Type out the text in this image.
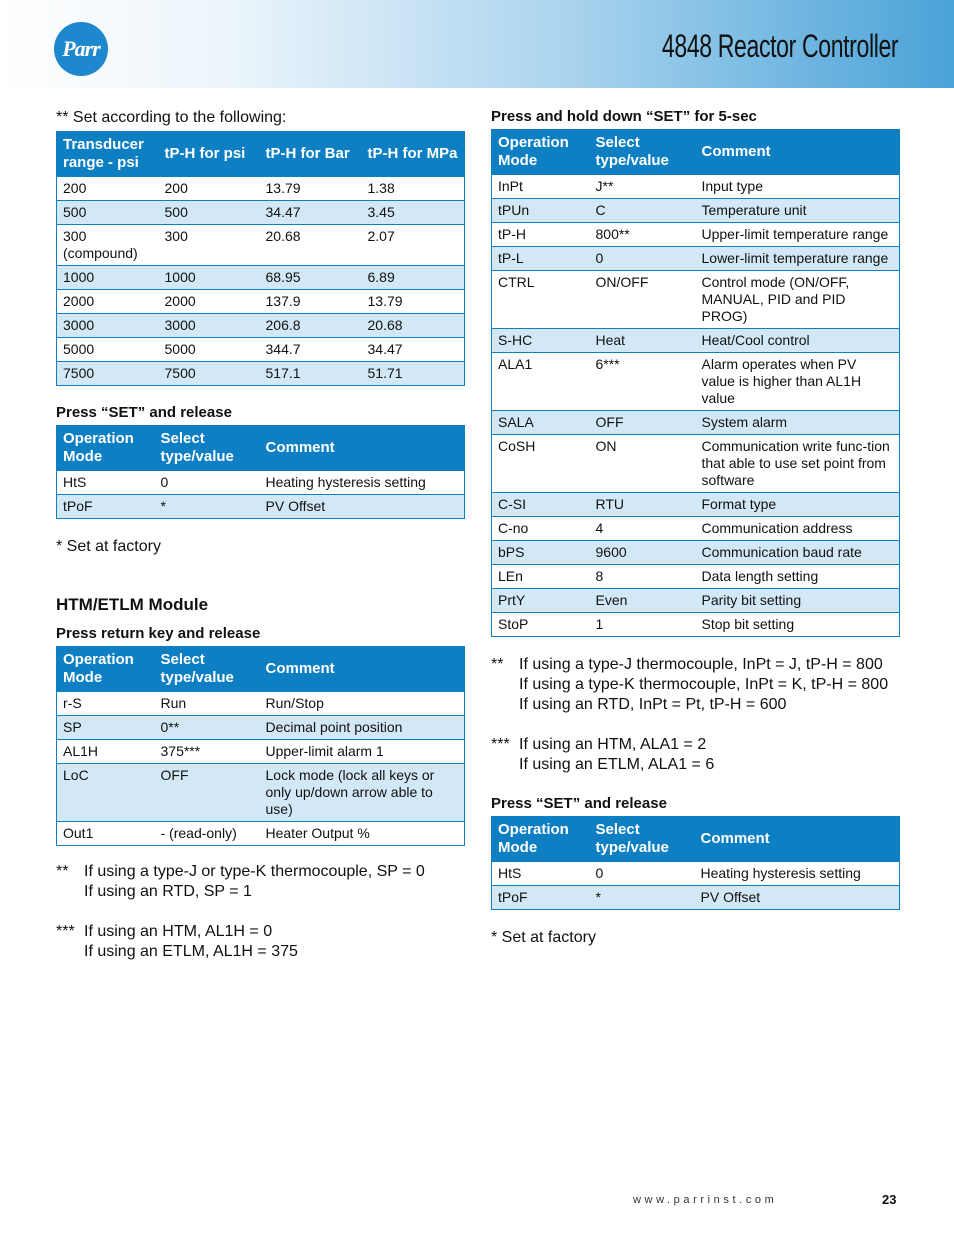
Parr	4848 Reactor Controller

** Set according to the following:

Transducer range - psi	tP-H for psi	tP-H for Bar	tP-H for MPa
200	200	13.79	1.38
500	500	34.47	3.45
300 (compound)	300	20.68	2.07
1000	1000	68.95	6.89
2000	2000	137.9	13.79
3000	3000	206.8	20.68
5000	5000	344.7	34.47
7500	7500	517.1	51.71

Press “SET” and release

Operation Mode	Select type/value	Comment
HtS	0	Heating hysteresis setting
tPoF	*	PV Offset

* Set at factory

HTM/ETLM Module

Press return key and release

Operation Mode	Select type/value	Comment
r-S	Run	Run/Stop
SP	0**	Decimal point position
AL1H	375***	Upper-limit alarm 1
LoC	OFF	Lock mode (lock all keys or only up/down arrow able to use)
Out1	- (read-only)	Heater Output %
** If using a type-J or type-K thermocouple, SP = 0
If using an RTD, SP = 1
*** If using an HTM, AL1H = 0
If using an ETLM, AL1H = 375

Press and hold down “SET” for 5-sec

Operation Mode	Select type/value	Comment
InPt	J**	Input type
tPUn	C	Temperature unit
tP-H	800**	Upper-limit temperature range
tP-L	0	Lower-limit temperature range
CTRL	ON/OFF	Control mode (ON/OFF, MANUAL, PID and PID PROG)
S-HC	Heat	Heat/Cool control
ALA1	6***	Alarm operates when PV value is higher than AL1H value
SALA	OFF	System alarm
CoSH	ON	Communication write func-tion that able to use set point from software
C-SI	RTU	Format type
C-no	4	Communication address
bPS	9600	Communication baud rate
LEn	8	Data length setting
PrtY	Even	Parity bit setting
StoP	1	Stop bit setting
** If using a type-J thermocouple, InPt = J, tP-H = 800
If using a type-K thermocouple, InPt = K, tP-H = 800
If using an RTD, InPt = Pt, tP-H = 600
*** If using an HTM, ALA1 = 2
If using an ETLM, ALA1 = 6

Press “SET” and release

Operation Mode	Select type/value	Comment
HtS	0	Heating hysteresis setting
tPoF	*	PV Offset

* Set at factory

www.parrinst.com	23
